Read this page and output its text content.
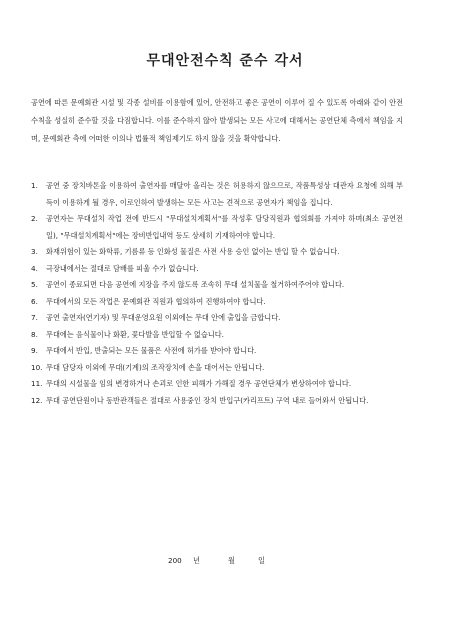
무대안전수칙 준수 각서

공연에 따른 문예회관 시설 및 각종 설비를 이용함에 있어, 안전하고 좋은 공연이 이루어 질 수 있도록 아래와 같이 안전수칙을 성실히 준수할 것을 다짐합니다. 이를 준수하지 않아 발생되는 모든 사고에 대해서는 공연단체 측에서 책임을 지며, 문예회관 측에 어떠한 이의나 법률적 책임제기도 하지 않을 것을 확약합니다.

1. 공연 중 장치바톤을 이용하여 출연자를 매달아 올리는 것은 허용하지 않으므로, 작품특성상 대관자 요청에 의해 부득이 이용하게 될 경우, 이로인하여 발생하는 모든 사고는 견적으로 공연자가 책임을 집니다.
2. 공연자는 무대설치 작업 전에 반드시 "무대설치계획서"를 작성후 담당직원과 협의회를 가져야 하며(최소 공연전일), "무대설치계획서"에는 장비반입내역 등도 상세히 기재하여야 합니다.
3. 화재위험이 있는 화학류, 기름류 등 인화성 물질은 사전 사용 승인 없이는 반입 할 수 없습니다.
4. 극장내에서는 절대로 담배를 피울 수가 없습니다.
5. 공연이 종료되면 다음 공연에 지장을 주지 않도록 조속히 무대 설치물을 철거하여주어야 합니다.
6. 무대에서의 모든 작업은 문예회관 직원과 협의하여 진행하여야 합니다.
7. 공연 출연자(연기자) 및 무대운영요원 이외에는 무대 안에 출입을 금합니다.
8. 무대에는 음식물이나 화환, 꽃다발을 반입할 수 없습니다.
9. 무대에서 반입, 반출되는 모든 물품은 사전에 허가를 받아야 합니다.
10. 무대 담당자 이외에 무대(기계)의 조작장치에 손을 대어서는 안됩니다.
11. 무대의 시설물을 임의 변경하거나 손괴로 인한 피해가 가해질 경우 공연단체가 변상하여야 합니다.
12. 무대 공연단원이나 동반관객들은 절대로 사용중인 장치 반입구(카리프트) 구역 내로 들어와서 안됩니다.
200 년	월	일
